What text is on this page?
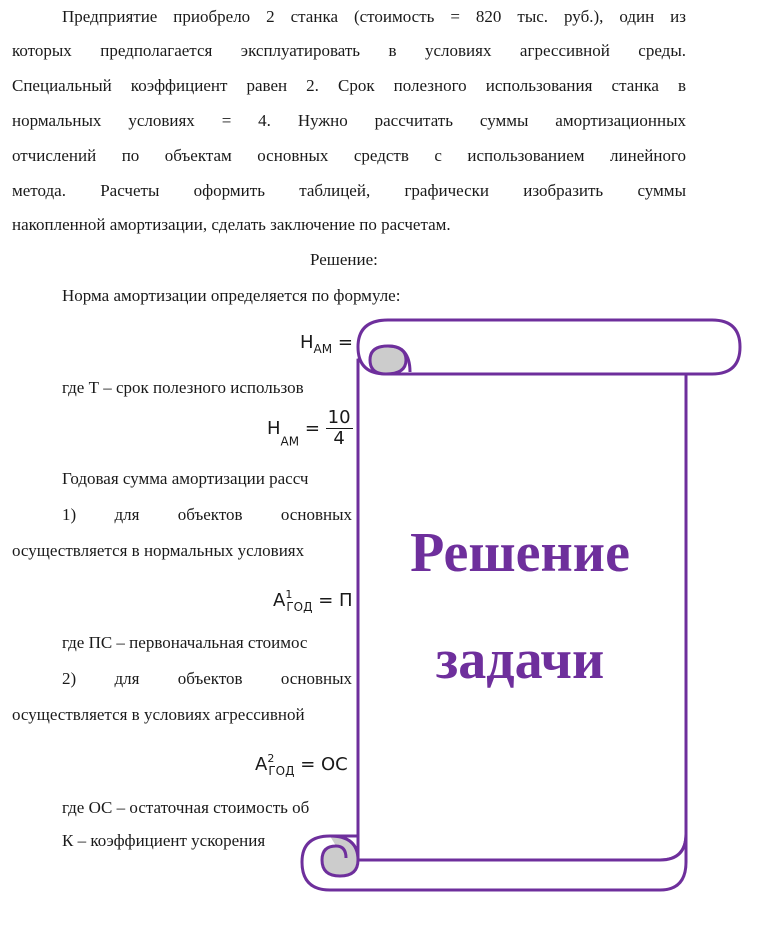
Предприятие приобрело 2 станка (стоимость = 820 тыс. руб.), один из
которых предполагается эксплуатировать в условиях агрессивной среды.
Специальный коэффициент равен 2. Срок полезного использования станка в
нормальных условиях = 4. Нужно рассчитать суммы амортизационных
отчислений по объектам основных средств с использованием линейного
метода. Расчеты оформить таблицей, графически изобразить суммы
накопленной амортизации, сделать заключение по расчетам.
Решение:
Норма амортизации определяется по формуле:
$Н_{АМ}$ =
где Т – срок полезного использов
$Н_{АМ} = \frac{10}{4}$
Годовая сумма амортизации рассч
1) для объектов основных
осуществляется в нормальных условиях
$А^1_{ГОД} = П$
где ПС – первоначальная стоимос
2) для объектов основных
осуществляется в условиях агрессивной
$А^2_{ГОД}$ = ОС
где ОС – остаточная стоимость об
К – коэффициент ускорения
Решение
задачи
